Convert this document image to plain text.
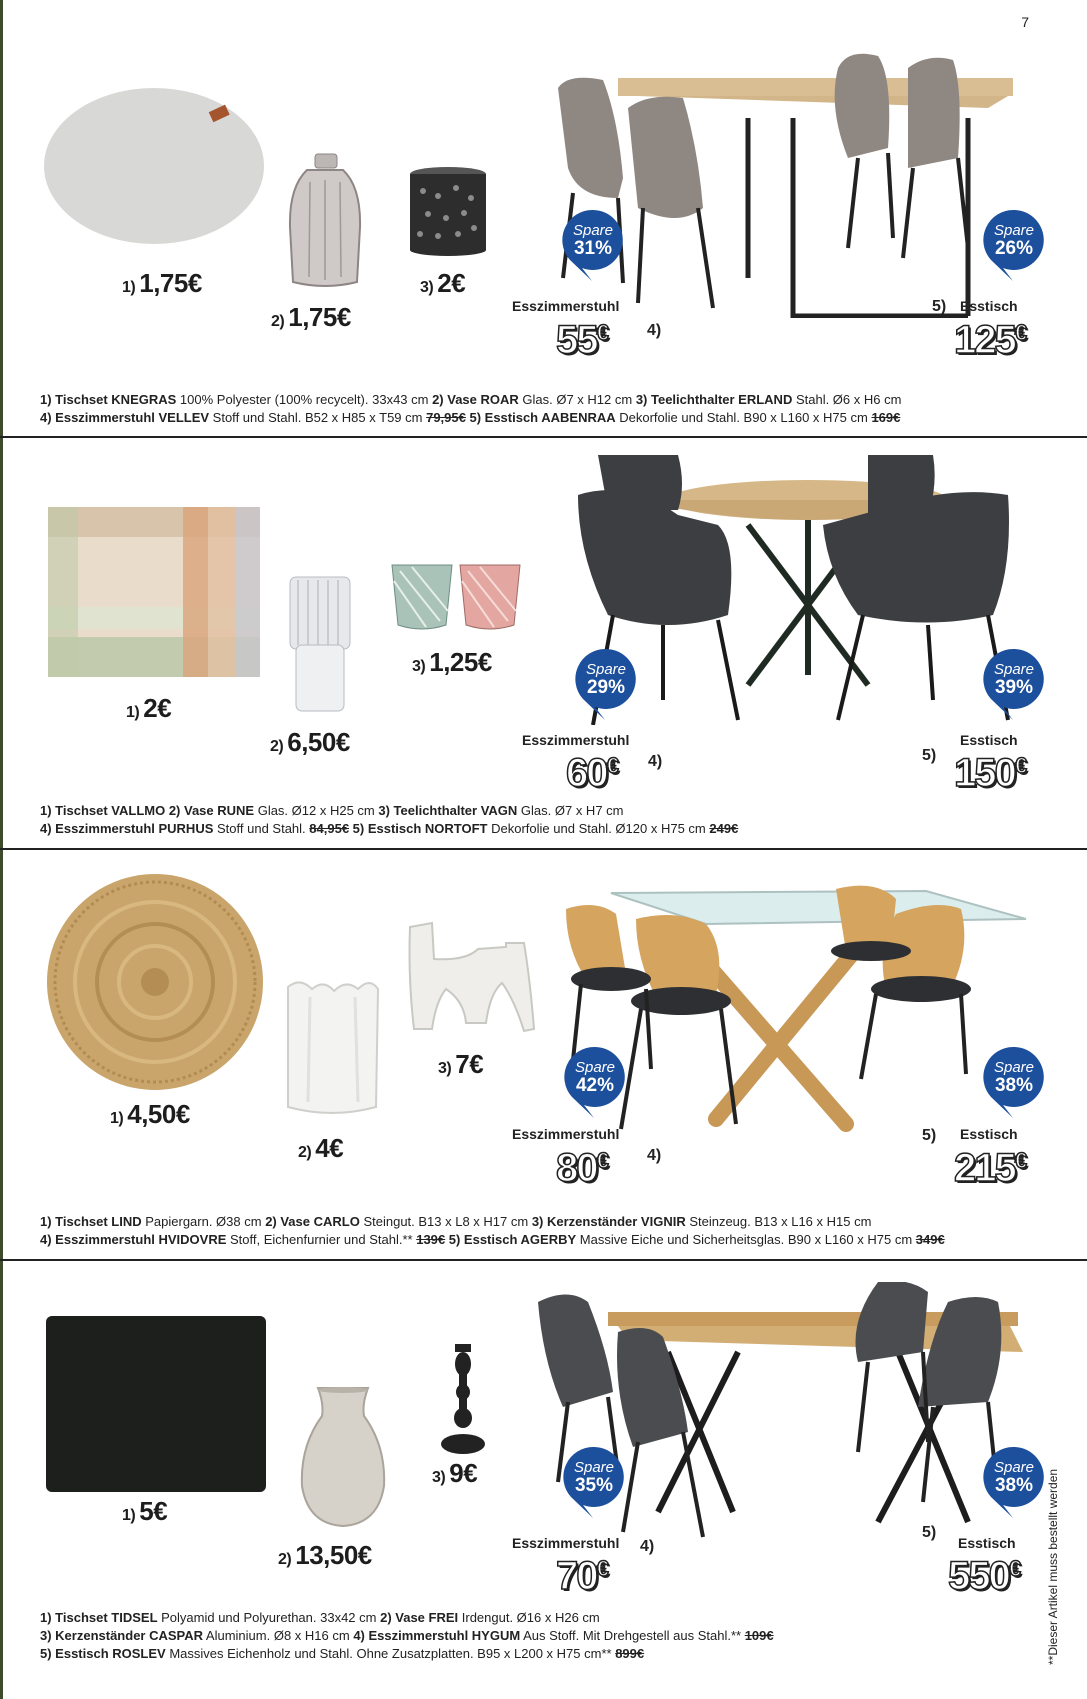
7
1) 1,75€
2) 1,75€
3) 2€
Spare
31%
Spare
26%
Esszimmerstuhl
55€	4)
5) Esstisch
125€
1) Tischset KNEGRAS 100% Polyester (100% recycelt). 33x43 cm 2) Vase ROAR Glas. Ø7 x H12 cm 3) Teelichthalter ERLAND Stahl. Ø6 x H6 cm
4) Esszimmerstuhl VELLEV Stoff und Stahl. B52 x H85 x T59 cm 79,95€ 5) Esstisch AABENRAA Dekorfolie und Stahl. B90 x L160 x H75 cm 169€
1) 2€
2) 6,50€
3) 1,25€	Spare
29%
Spare
39%
Esszimmerstuhl
60€ 4)	5)
Esstisch
150€
1) Tischset VALLMO 2) Vase RUNE Glas. Ø12 x H25 cm 3) Teelichthalter VAGN Glas. Ø7 x H7 cm
4) Esszimmerstuhl PURHUS Stoff und Stahl. 84,95€ 5) Esstisch NORTOFT Dekorfolie und Stahl. Ø120 x H75 cm 249€
1) 4,50€
2) 4€
3) 7€	Spare
42%
Spare
38%
Esszimmerstuhl
80€	4)
5) Esstisch
215€
1) Tischset LIND Papiergarn. Ø38 cm 2) Vase CARLO Steingut. B13 x L8 x H17 cm 3) Kerzenständer VIGNIR Steinzeug. B13 x L16 x H15 cm
4) Esszimmerstuhl HVIDOVRE Stoff, Eichenfurnier und Stahl.** 139€ 5) Esstisch AGERBY Massive Eiche und Sicherheitsglas. B90 x L160 x H75 cm 349€
1) 5€
2) 13,50€
3) 9€	Spare
35%
Spare
38%
Esszimmerstuhl
70€
4)
5)
Esstisch
550€
1) Tischset TIDSEL Polyamid und Polyurethan. 33x42 cm 2) Vase FREI Irdengut. Ø16 x H26 cm
3) Kerzenständer CASPAR Aluminium. Ø8 x H16 cm 4) Esszimmerstuhl HYGUM Aus Stoff. Mit Drehgestell aus Stahl.** 109€
5) Esstisch ROSLEV Massives Eichenholz und Stahl. Ohne Zusatzplatten. B95 x L200 x H75 cm** 899€	**Dieser Artikel muss bestellt werden
